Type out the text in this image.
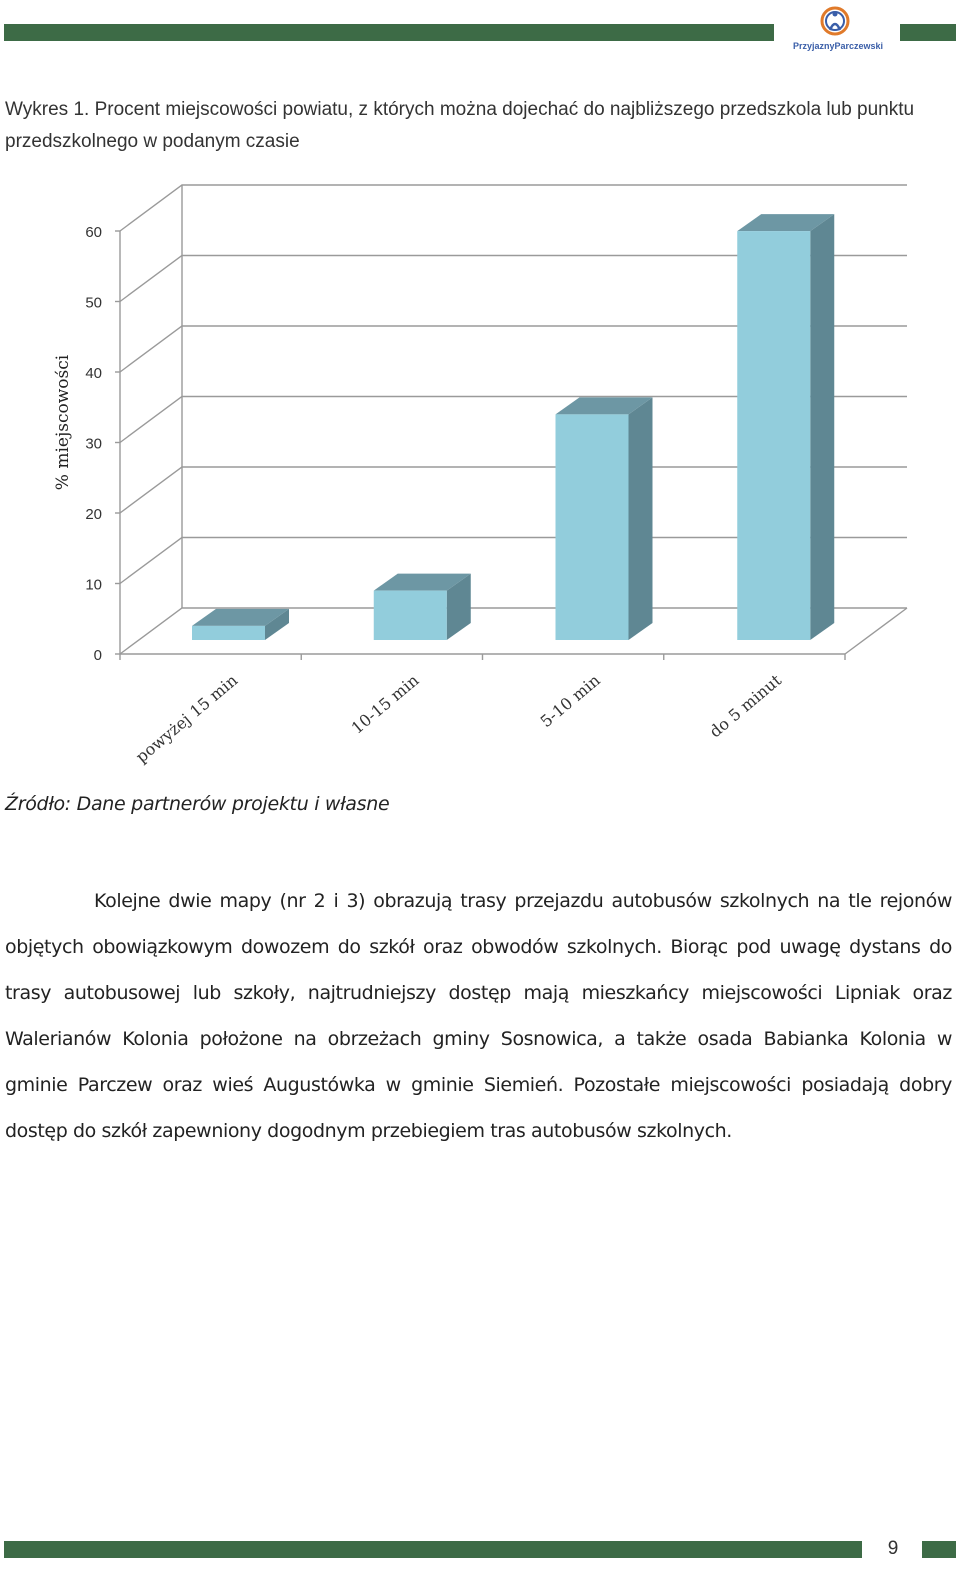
PrzyjaznyParczewski
Wykres 1. Procent miejscowości powiatu, z których można dojechać do najbliższego przedszkola lub punktu przedszkolnego w podanym czasie
0
10
20
30
40
50
60
powyżej 15 min	10-15 min	5-10 min	do 5 minut
% miejscowości
Źródło: Dane partnerów projektu i własne
Kolejne dwie mapy (nr 2 i 3) obrazują trasy przejazdu autobusów szkolnych na tle rejonów objętych obowiązkowym dowozem do szkół oraz obwodów szkolnych. Biorąc pod uwagę dystans do trasy autobusowej lub szkoły, najtrudniejszy dostęp mają mieszkańcy miejscowości Lipniak oraz Walerianów Kolonia położone na obrzeżach gminy Sosnowica, a także osada Babianka Kolonia w gminie Parczew oraz wieś Augustówka w gminie Siemień. Pozostałe miejscowości posiadają dobry dostęp do szkół zapewniony dogodnym przebiegiem tras autobusów szkolnych.
9
